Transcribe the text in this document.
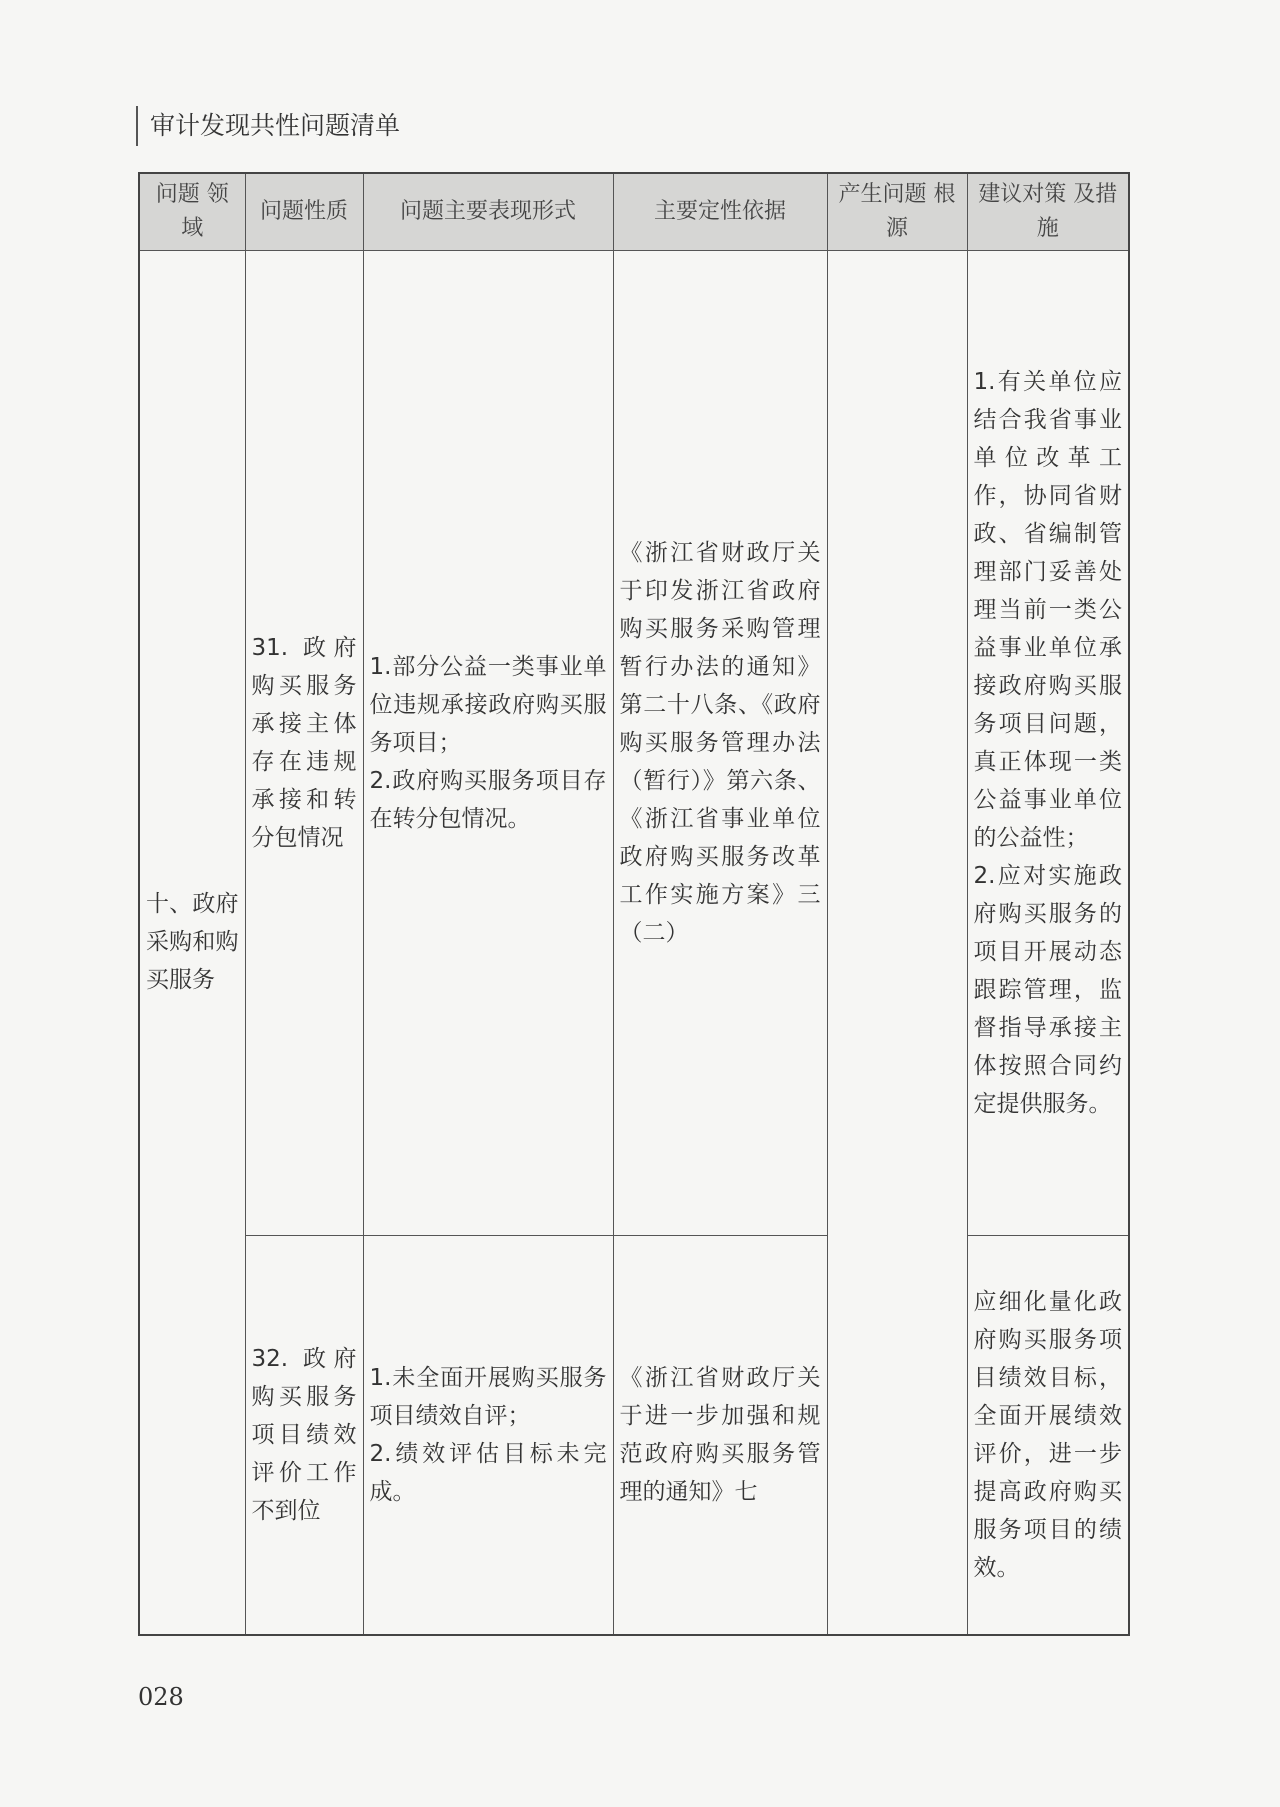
审计发现共性问题清单
问题 领域	问题性质	问题主要表现形式	主要定性依据	产生问题 根源	建议对策 及措施

十、政府采购和购买服务	31. 政府购买服务承接主体存在违规承接和转分包情况	1.部分公益一类事业单位违规承接政府购买服务项目；
2.政府购买服务项目存在转分包情况。	《浙江省财政厅关于印发浙江省政府购买服务采购管理暂行办法的通知》第二十八条、《政府购买服务管理办法（暂行）》第六条、《浙江省事业单位政府购买服务改革工作实施方案》三（二）		1.有关单位应结合我省事业单位改革工作，协同省财政、省编制管理部门妥善处理当前一类公益事业单位承接政府购买服务项目问题，真正体现一类公益事业单位的公益性；
2.应对实施政府购买服务的项目开展动态跟踪管理，监督指导承接主体按照合同约定提供服务。

	32. 政府购买服务项目绩效评价工作不到位	1.未全面开展购买服务项目绩效自评；
2.绩效评估目标未完成。	《浙江省财政厅关于进一步加强和规范政府购买服务管理的通知》七		应细化量化政府购买服务项目绩效目标，全面开展绩效评价，进一步提高政府购买服务项目的绩效。
028
